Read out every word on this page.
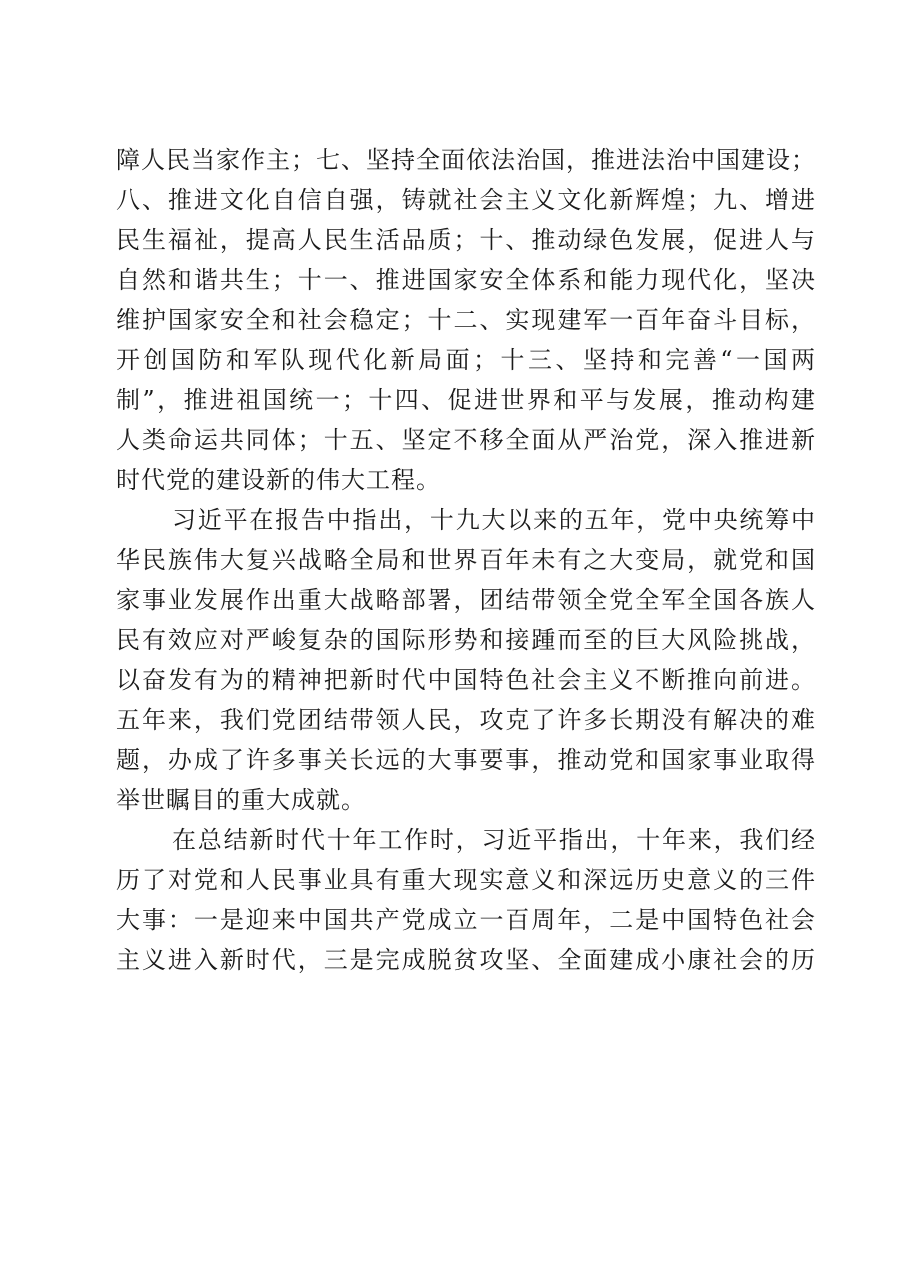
障人民当家作主；七、坚持全面依法治国，推进法治中国建设；
八、推进文化自信自强，铸就社会主义文化新辉煌；九、增进
民生福祉，提高人民生活品质；十、推动绿色发展，促进人与
自然和谐共生；十一、推进国家安全体系和能力现代化，坚决
维护国家安全和社会稳定；十二、实现建军一百年奋斗目标，
开创国防和军队现代化新局面；十三、坚持和完善“一国两
制”，推进祖国统一；十四、促进世界和平与发展，推动构建
人类命运共同体；十五、坚定不移全面从严治党，深入推进新
时代党的建设新的伟大工程。
习近平在报告中指出，十九大以来的五年，党中央统筹中
华民族伟大复兴战略全局和世界百年未有之大变局，就党和国
家事业发展作出重大战略部署，团结带领全党全军全国各族人
民有效应对严峻复杂的国际形势和接踵而至的巨大风险挑战，
以奋发有为的精神把新时代中国特色社会主义不断推向前进。
五年来，我们党团结带领人民，攻克了许多长期没有解决的难
题，办成了许多事关长远的大事要事，推动党和国家事业取得
举世瞩目的重大成就。
在总结新时代十年工作时，习近平指出，十年来，我们经
历了对党和人民事业具有重大现实意义和深远历史意义的三件
大事：一是迎来中国共产党成立一百周年，二是中国特色社会
主义进入新时代，三是完成脱贫攻坚、全面建成小康社会的历
